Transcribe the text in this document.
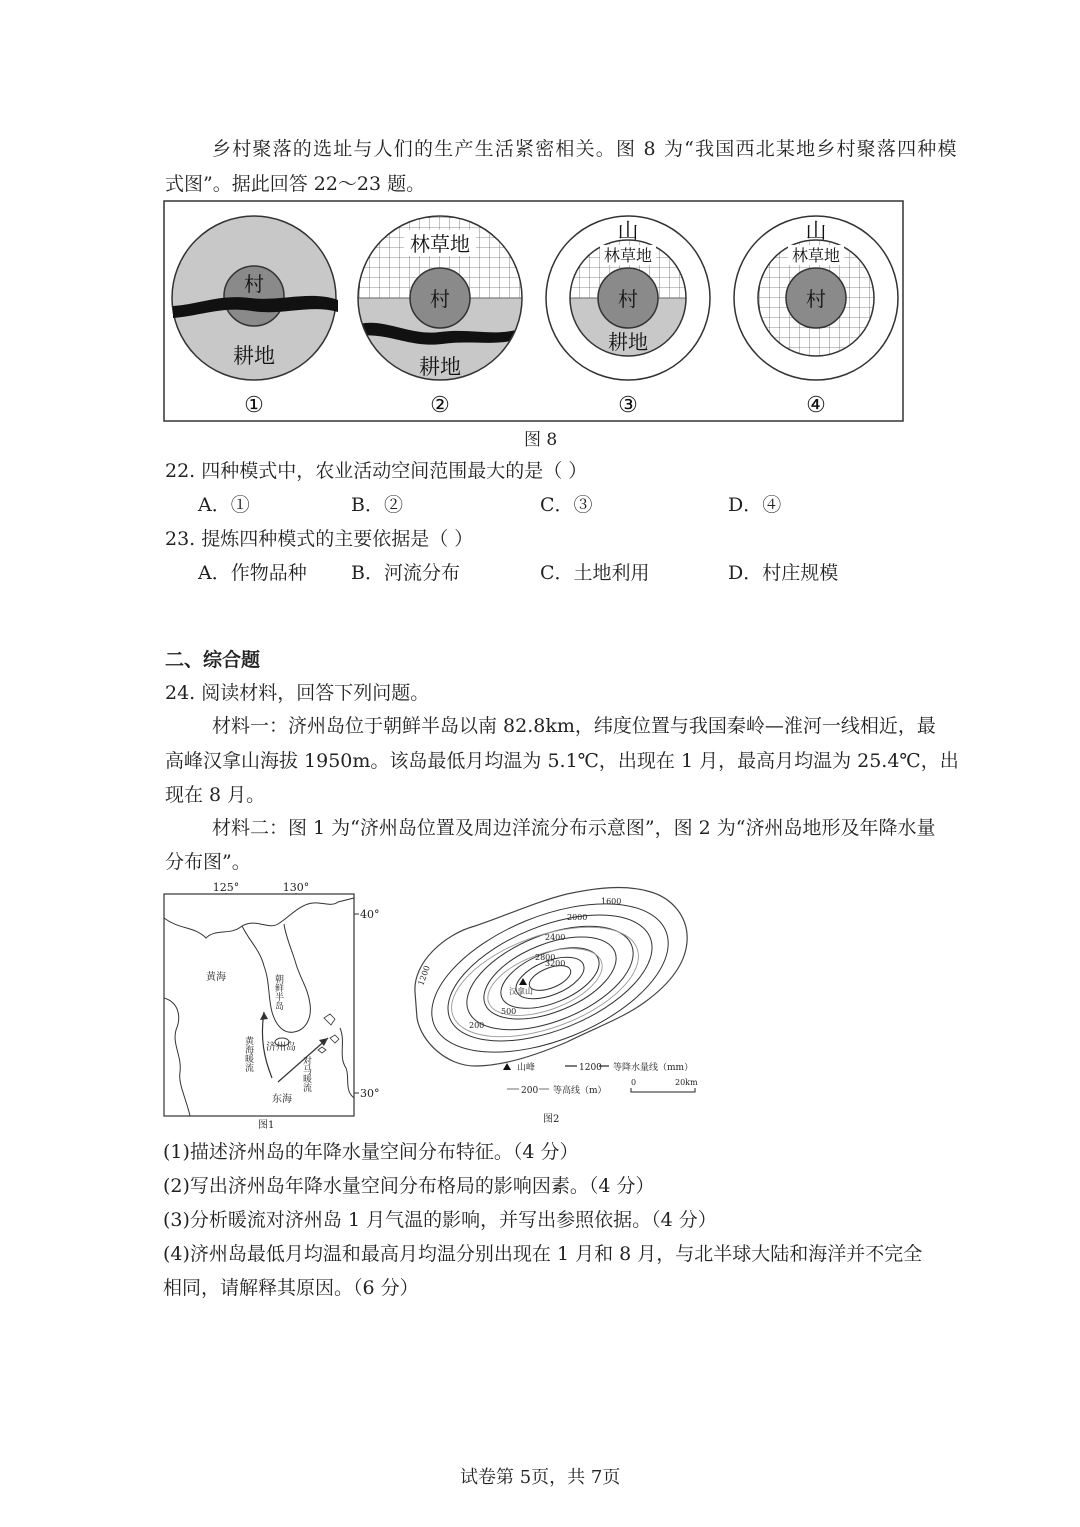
乡村聚落的选址与人们的生产生活紧密相关。图 8 为“我国西北某地乡村聚落四种模
式图”。据此回答 22～23 题。
村
耕地
①
林草地
村
耕地
②
山
林草地
村
耕地
③
山
林草地
村
④
图 8
22. 四种模式中，农业活动空间范围最大的是（ ）
A．①	B．②	C．③	D．④
23. 提炼四种模式的主要依据是（ ）
A．作物品种 B．河流分布	C．土地利用	D．村庄规模
二、综合题
24. 阅读材料，回答下列问题。
材料一：济州岛位于朝鲜半岛以南 82.8km，纬度位置与我国秦岭—淮河一线相近，最
高峰汉拿山海拔 1950m。该岛最低月均温为 5.1℃，出现在 1 月，最高月均温为 25.4℃，出
现在 8 月。
材料二：图 1 为“济州岛位置及周边洋流分布示意图”，图 2 为“济州岛地形及年降水量
分布图”。
125°	130°
40°
30°
黄海
东海
济州岛
朝鲜半岛
黄海暖流
对马暖流
图1
汉拿山
1600
2000
2400
2800
3200
1200
200
500
山峰	1200 等降水量线（mm）
200 等高线（m）
0	20km
图2
(1)描述济州岛的年降水量空间分布特征。（4 分）
(2)写出济州岛年降水量空间分布格局的影响因素。（4 分）
(3)分析暖流对济州岛 1 月气温的影响，并写出参照依据。（4 分）
(4)济州岛最低月均温和最高月均温分别出现在 1 月和 8 月，与北半球大陆和海洋并不完全
相同，请解释其原因。（6 分）
试卷第 5页，共 7页
